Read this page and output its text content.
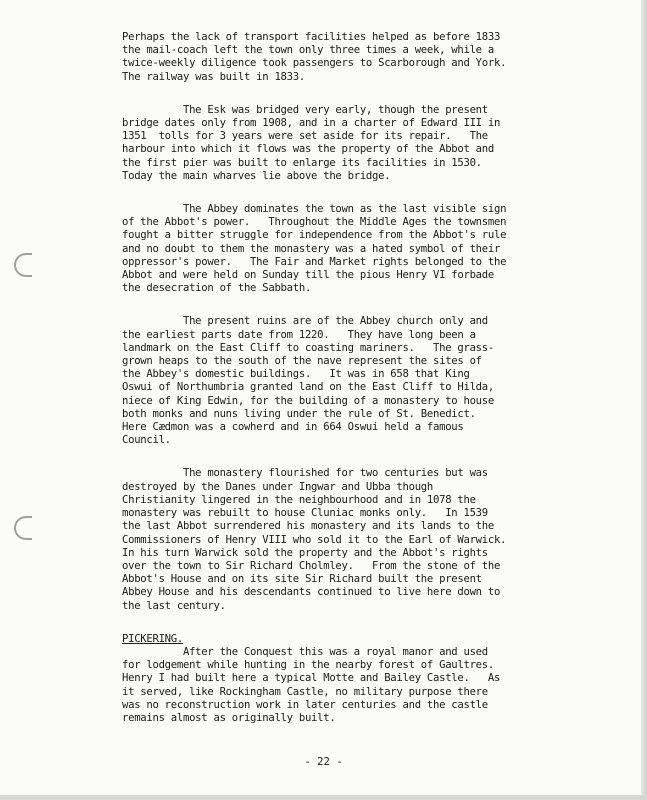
Perhaps the lack of transport facilities helped as before 1833
the mail-coach left the town only three times a week, while a
twice-weekly diligence took passengers to Scarborough and York.
The railway was built in 1833.

The Esk was bridged very early, though the present
bridge dates only from 1908, and in a charter of Edward III in
1351  tolls for 3 years were set aside for its repair.   The
harbour into which it flows was the property of the Abbot and
the first pier was built to enlarge its facilities in 1530.
Today the main wharves lie above the bridge.

The Abbey dominates the town as the last visible sign
of the Abbot's power.   Throughout the Middle Ages the townsmen
fought a bitter struggle for independence from the Abbot's rule
and no doubt to them the monastery was a hated symbol of their
oppressor's power.   The Fair and Market rights belonged to the
Abbot and were held on Sunday till the pious Henry VI forbade
the desecration of the Sabbath.

The present ruins are of the Abbey church only and
the earliest parts date from 1220.   They have long been a
landmark on the East Cliff to coasting mariners.   The grass-
grown heaps to the south of the nave represent the sites of
the Abbey's domestic buildings.   It was in 658 that King
Oswui of Northumbria granted land on the East Cliff to Hilda,
niece of King Edwin, for the building of a monastery to house
both monks and nuns living under the rule of St. Benedict.
Here Cædmon was a cowherd and in 664 Oswui held a famous
Council.

The monastery flourished for two centuries but was
destroyed by the Danes under Ingwar and Ubba though
Christianity lingered in the neighbourhood and in 1078 the
monastery was rebuilt to house Cluniac monks only.   In 1539
the last Abbot surrendered his monastery and its lands to the
Commissioners of Henry VIII who sold it to the Earl of Warwick.
In his turn Warwick sold the property and the Abbot's rights
over the town to Sir Richard Cholmley.   From the stone of the
Abbot's House and on its site Sir Richard built the present
Abbey House and his descendants continued to live here down to
the last century.

PICKERING.
After the Conquest this was a royal manor and used
for lodgement while hunting in the nearby forest of Gaultres.
Henry I had built here a typical Motte and Bailey Castle.   As
it served, like Rockingham Castle, no military purpose there
was no reconstruction work in later centuries and the castle
remains almost as originally built.

- 22 -
